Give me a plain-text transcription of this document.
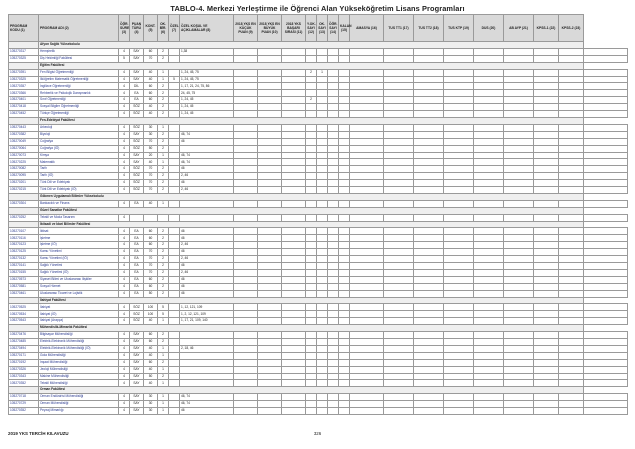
TABLO-4. Merkezi Yerleştirme ile Öğrenci Alan Yükseköğretim Lisans Programları
PROGRAM KODU (1)	PROGRAM ADI (2)	ÖĞR. SÜRE (3)	PUAN TÜRÜ (4)	KONT. (5)	OK. BİR. (6)	ÖZEL (7)	ÖZEL KOŞUL VE AÇIKLAMALAR (8)	2018 YKS EN KÜÇÜK PUAN (9)	2018 YKS EN BÜYÜK PUAN (10)	2018 YKS BAŞARI SIRASI (11)	Y.OK. SAYI (12)	OK. SAYI (13)	ÖĞR. SAYI (14)	KALAN (15)	AMASYA (16)	TUS TT1 (17)	TUS TT2 (18)	TUS KTP (19)	DUS (20)	AB AYP (21)	KPSS-1 (22)	KPSS-2 (23)	
	Afyon Sağlık Yüksekokulu																						
105270317	Hemşirelik	4	SAY	60	2		1,38																
105270325	Diş Hekimliği Fakültesi	5	SAY	70	2																		
	Eğitim Fakültesi																						
105270391	Fen Bilgisi Öğretmenliği	4	SAY	40	1		1, 24, 45, 75				2	1											
105270325	İlköğretim Matematik Öğretmenliği	4	SAY	40	1	5	1, 24, 45, 75																
105270357	İngilizce Öğretmenliği	4	DİL	60	2		1, 17, 21, 24, 75, 86																
105270366	Rehberlik ve Psikolojik Danışmanlık	4	EA	60	2		24, 45, 75																
105270401	Sınıf Öğretmenliği	4	EA	60	2		1, 24, 45				2												
105270418	Sosyal Bilgiler Öğretmenliği	4	SÖZ	40	2		1, 24, 45																
105270452	Türkçe Öğretmenliği	4	SÖZ	40	2		1, 24, 45																
	Fen-Edebiyat Fakültesi																						
105270443	Arkeoloji	4	SÖZ	30	1																		
105270382	Biyoloji	4	SAY	30	2		46, 74																
105270049	Coğrafya	4	SÖZ	70	2		46																
105270064	Coğrafya (İÖ)	4	SÖZ	50	2																		
105270073	Kimya	4	SAY	20	1		46, 74																
105270225	Matematik	4	SAY	40	1		46, 74																
105270082	Tarih	4	SÖZ	70	2		46																
105270095	Tarih (İÖ)	4	SÖZ	70	2		2, 46																
105270201	Türk Dili ve Edebiyatı	4	SÖZ	70	2		46																
105270215	Türk Dili ve Edebiyatı (İÖ)	4	SÖZ	70	2		2, 46																
	Gökmen Uygulamalı Bilimler Yüksekokulu																						
105270304	Bankacılık ve Finans	4	EA	40	1																		
	Güzel Sanatlar Fakültesi																						
105270252	Tekstil ve Moda Tasarımı	4																					
	İktisadi ve İdari Bilimler Fakültesi																						
105270107	İktisat	4	EA	60	2		46																
105270116	İşletme	4	EA	60	2		46																
105270123	İşletme (İÖ)	4	EA	60	2		2, 46																
105270125	Kamu Yönetimi	4	EA	70	2		46																
105270132	Kamu Yönetimi (İÖ)	4	EA	70	2		2, 46																
105270141	Sağlık Yönetimi	4	EA	70	2		46																
105270155	Sağlık Yönetimi (İÖ)	4	EA	70	2		2, 46																
105270573	Siyaset Bilimi ve Uluslararası İlişkiler	4	EA	60	2		46																
105270581	Sosyal Hizmet	4	EA	60	2		46																
105270461	Uluslararası Ticaret ve Lojistik	4	EA	50	2		46																
	İlahiyat Fakültesi																						
105270525	İlahiyat	4	SÖZ	100	5		1, 12, 121, 109																
105270534	İlahiyat (İÖ)	4	SÖZ	100	5		1, 2, 12, 121, 109																
105270543	İlahiyat (Arapça)	4	SÖZ	40	1		1, 17, 21, 109, 140																
	Mühendislik-Mimarlık Fakültesi																						
105270476	Bilgisayar Mühendisliği	4	SAY	60	2																		
105270485	Elektrik-Elektronik Mühendisliği	4	SAY	60	2																		
105270494	Elektrik-Elektronik Mühendisliği (İÖ)	4	SAY	40	1		2, 18, 46																
105270171	Gıda Mühendisliği	4	SAY	40	1																		
105270192	İnşaat Mühendisliği	4	SAY	60	2																		
105270326	Jeoloji Mühendisliği	4	SAY	40	1																		
105270343	Makine Mühendisliği	4	SAY	50	2																		
105270352	Tekstil Mühendisliği	4	SAY	40	1																		
	Orman Fakültesi																						
105270718	Orman Endüstrisi Mühendisliği	4	SAY	30	1		46, 74																
105270729	Orman Mühendisliği	4	SAY	30	1		46, 74																
105270352	Peyzaj Mimarlığı	4	SAY	30	1		46																
2019 YKS TERCİH KILAVUZU	326
